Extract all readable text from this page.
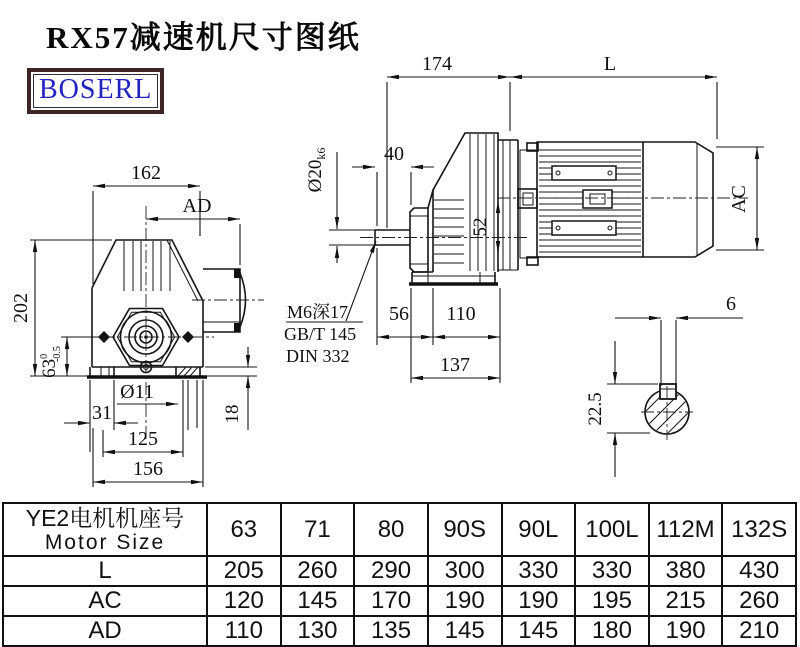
RX57减速机尺寸图纸
BOSERL
162
AD
202
$63^0$ -0.5
Ø11
31
125
156
18
174	L
AC
$Ø20_{k6}$	40
52
56 110
137
M6深17
GB/T 145
DIN 332
6
22.5
YE2电机机座号
Motor Size	63	71	80	90S	90L	100L	112M	132S
L	205	260	290	300	330	330	380	430
AC	120	145	170	190	190	195	215	260
AD	110	130	135	145	145	180	190	210
